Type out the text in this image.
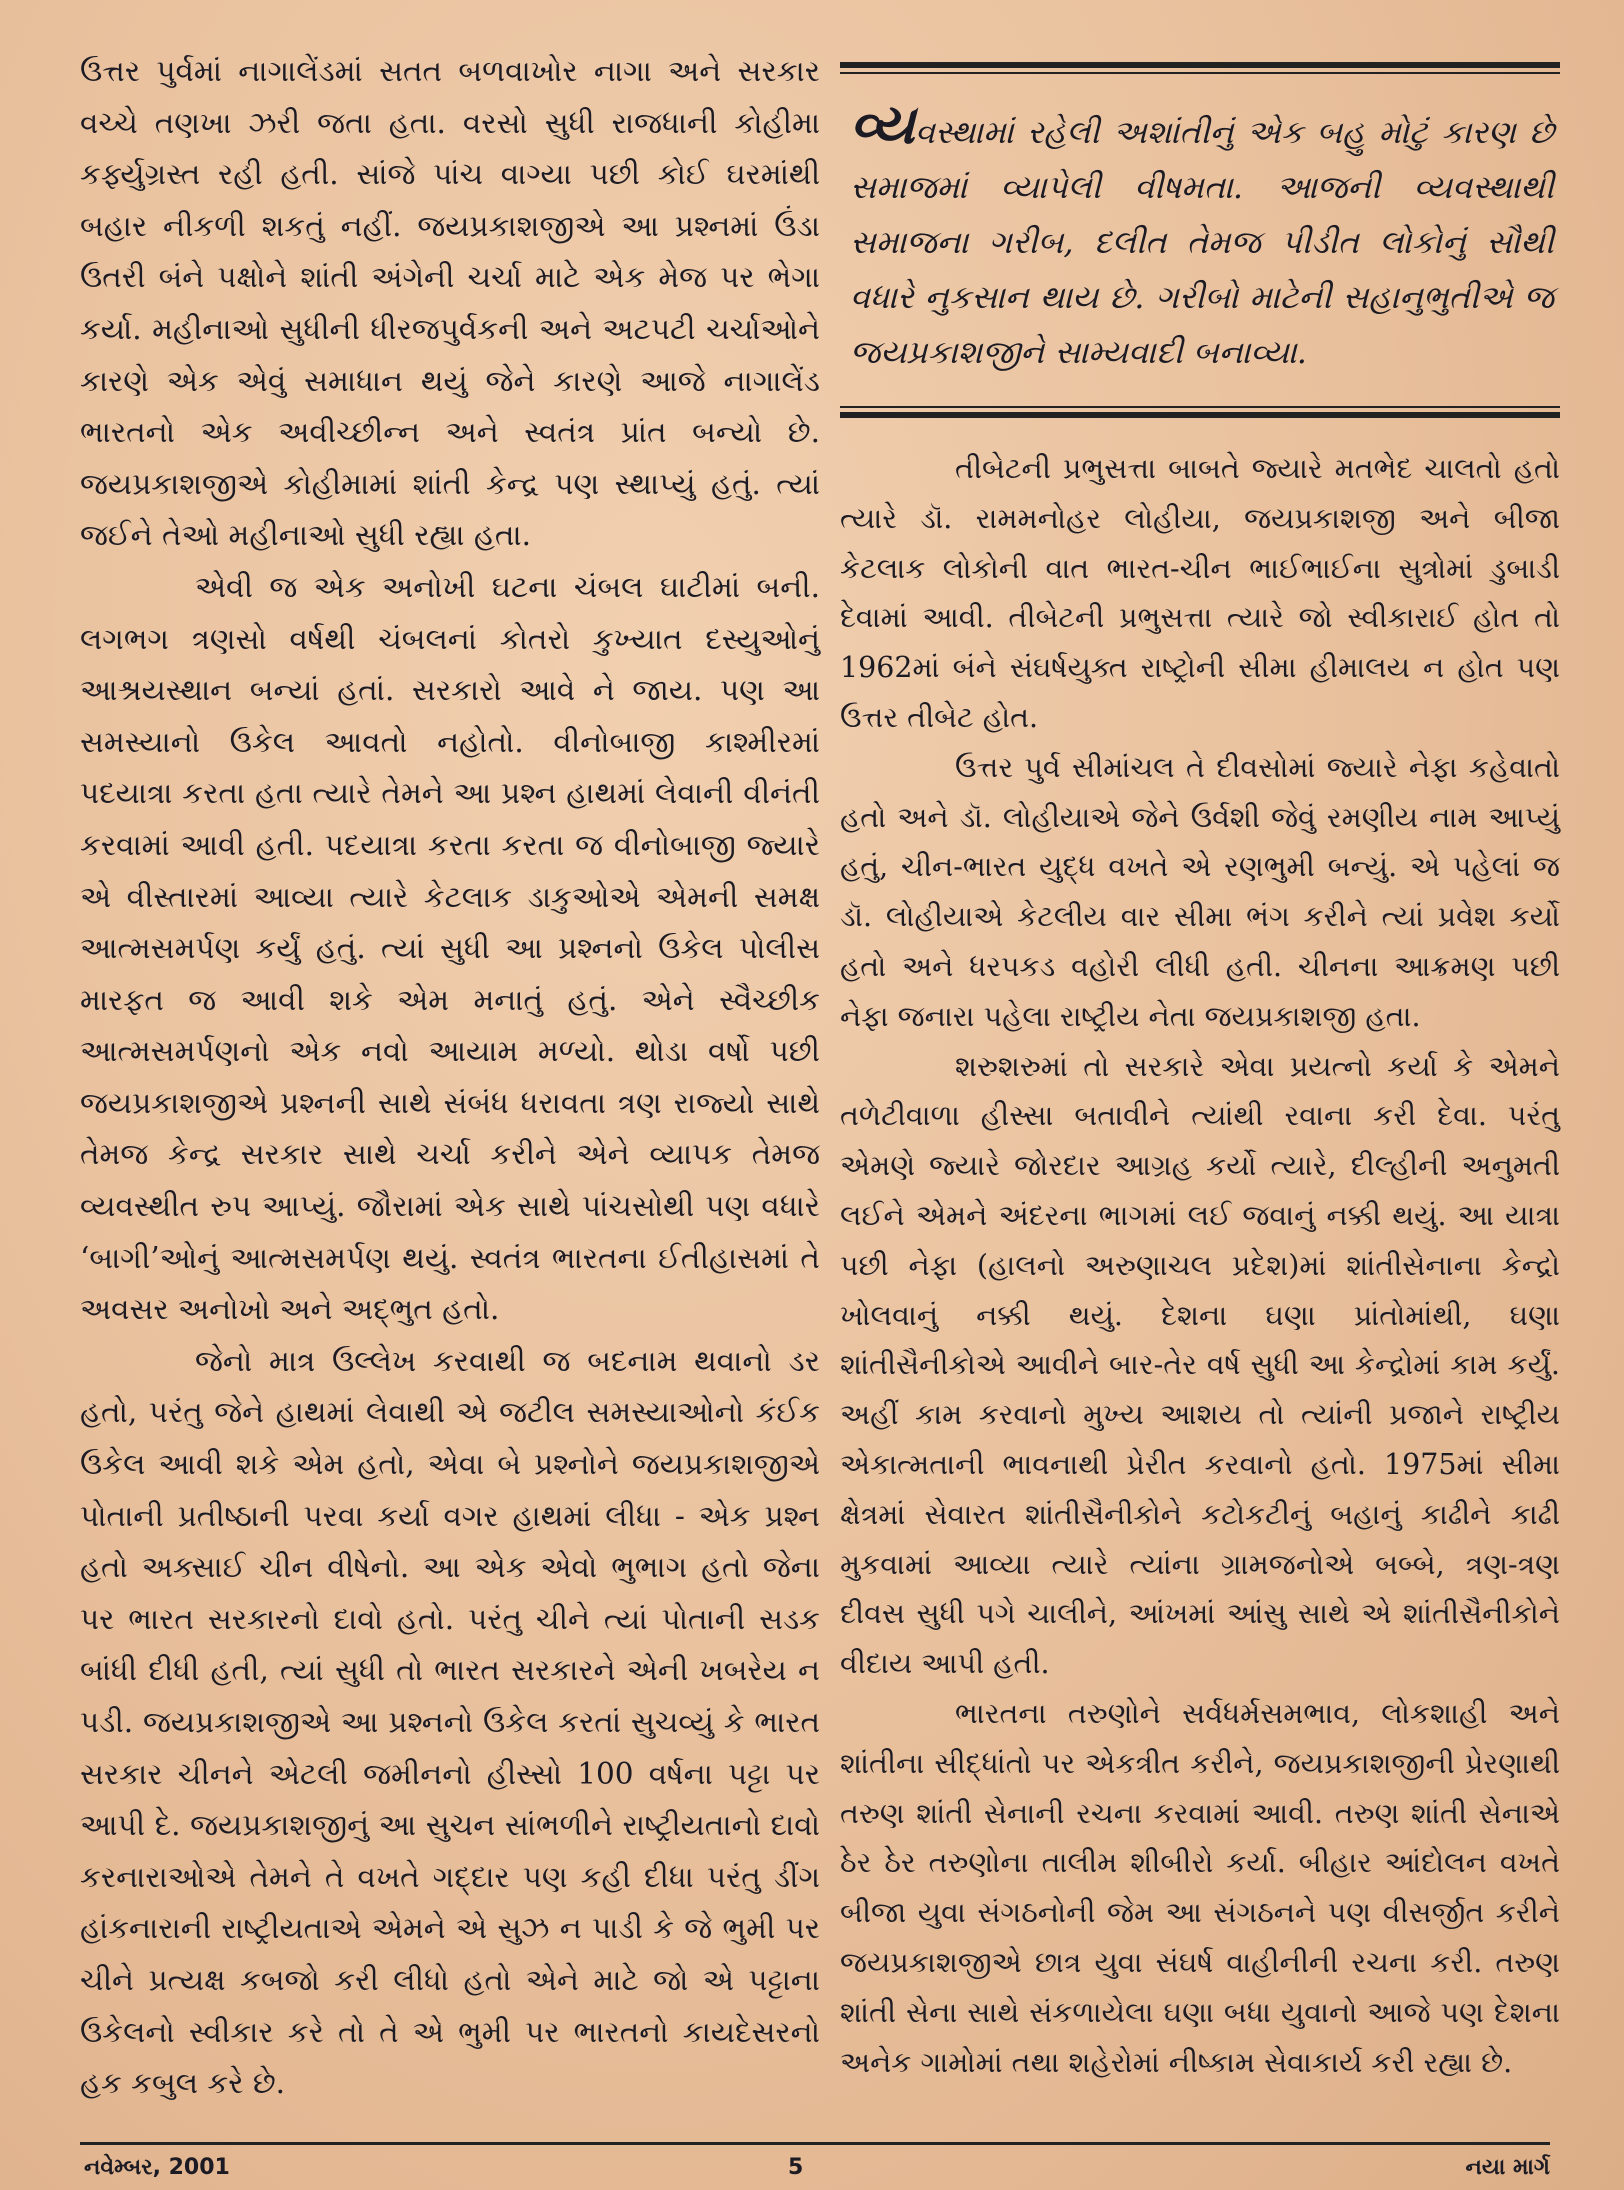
ઉત્તર પુર્વમાં નાગાલેંડમાં સતત બળવાખોર નાગા અને સરકાર વચ્ચે તણખા ઝરી જતા હતા. વરસો સુધી રાજધાની કોહીમા કર્ફ્યુગ્રસ્ત રહી હતી. સાંજે પાંચ વાગ્યા પછી કોઈ ઘરમાંથી બહાર નીકળી શકતું નહીં. જયપ્રકાશજીએ આ પ્રશ્નમાં ઉંડા ઉતરી બંને પક્ષોને શાંતી અંગેની ચર્ચા માટે એક મેજ પર ભેગા કર્યા. મહીનાઓ સુધીની ધીરજપુર્વકની અને અટપટી ચર્ચાઓને કારણે એક એવું સમાધાન થયું જેને કારણે આજે નાગાલેંડ ભારતનો એક અવીચ્છીન્ન અને સ્વતંત્ર પ્રાંત બન્યો છે. જયપ્રકાશજીએ કોહીમામાં શાંતી કેન્દ્ર પણ સ્થાપ્યું હતું. ત્યાં જઈને તેઓ મહીનાઓ સુધી રહ્યા હતા.

એવી જ એક અનોખી ઘટના ચંબલ ઘાટીમાં બની. લગભગ ત્રણસો વર્ષથી ચંબલનાં કોતરો કુખ્યાત દસ્યુઓનું આશ્રયસ્થાન બન્યાં હતાં. સરકારો આવે ને જાય. પણ આ સમસ્યાનો ઉકેલ આવતો નહોતો. વીનોબાજી કાશ્મીરમાં પદયાત્રા કરતા હતા ત્યારે તેમને આ પ્રશ્ન હાથમાં લેવાની વીનંતી કરવામાં આવી હતી. પદયાત્રા કરતા કરતા જ વીનોબાજી જ્યારે એ વીસ્તારમાં આવ્યા ત્યારે કેટલાક ડાકુઓએ એમની સમક્ષ આત્મસમર્પણ કર્યું હતું. ત્યાં સુધી આ પ્રશ્નનો ઉકેલ પોલીસ મારફત જ આવી શકે એમ મનાતું હતું. એને સ્વૈચ્છીક આત્મસમર્પણનો એક નવો આયામ મળ્યો. થોડા વર્ષો પછી જયપ્રકાશજીએ પ્રશ્નની સાથે સંબંધ ધરાવતા ત્રણ રાજ્યો સાથે તેમજ કેન્દ્ર સરકાર સાથે ચર્ચા કરીને એને વ્યાપક તેમજ વ્યવસ્થીત રુપ આપ્યું. જૌરામાં એક સાથે પાંચસોથી પણ વધારે ‘બાગી’ઓનું આત્મસમર્પણ થયું. સ્વતંત્ર ભારતના ઈતીહાસમાં તે અવસર અનોખો અને અદ્ભુત હતો.

જેનો માત્ર ઉલ્લેખ કરવાથી જ બદનામ થવાનો ડર હતો, પરંતુ જેને હાથમાં લેવાથી એ જટીલ સમસ્યાઓનો કંઈક ઉકેલ આવી શકે એમ હતો, એવા બે પ્રશ્નોને જયપ્રકાશજીએ પોતાની પ્રતીષ્ઠાની પરવા કર્યા વગર હાથમાં લીધા - એક પ્રશ્ન હતો અક્સાઈ ચીન વીષેનો. આ એક એવો ભુભાગ હતો જેના પર ભારત સરકારનો દાવો હતો. પરંતુ ચીને ત્યાં પોતાની સડક બાંધી દીધી હતી, ત્યાં સુધી તો ભારત સરકારને એની ખબરેય ન પડી. જયપ્રકાશજીએ આ પ્રશ્નનો ઉકેલ કરતાં સુચવ્યું કે ભારત સરકાર ચીનને એટલી જમીનનો હીસ્સો 100 વર્ષના પટ્ટા પર આપી દે. જયપ્રકાશજીનું આ સુચન સાંભળીને રાષ્ટ્રીયતાનો દાવો કરનારાઓએ તેમને તે વખતે ગદ્દાર પણ કહી દીધા પરંતુ ડીંગ હાંકનારાની રાષ્ટ્રીયતાએ એમને એ સુઝ ન પાડી કે જે ભુમી પર ચીને પ્રત્યક્ષ કબજો કરી લીધો હતો એને માટે જો એ પટ્ટાના ઉકેલનો સ્વીકાર કરે તો તે એ ભુમી પર ભારતનો કાયદેસરનો હક કબુલ કરે છે.

વ્યવસ્થામાં રહેલી અશાંતીનું એક બહુ મોટું કારણ છે સમાજમાં વ્યાપેલી વીષમતા. આજની વ્યવસ્થાથી સમાજના ગરીબ, દલીત તેમજ પીડીત લોકોનું સૌથી વધારે નુકસાન થાય છે. ગરીબો માટેની સહાનુભુતીએ જ જયપ્રકાશજીને સામ્યવાદી બનાવ્યા.

તીબેટની પ્રભુસત્તા બાબતે જ્યારે મતભેદ ચાલતો હતો ત્યારે ડૉ. રામમનોહર લોહીયા, જયપ્રકાશજી અને બીજા કેટલાક લોકોની વાત ભારત-ચીન ભાઈભાઈના સુત્રોમાં ડુબાડી દેવામાં આવી. તીબેટની પ્રભુસત્તા ત્યારે જો સ્વીકારાઈ હોત તો 1962માં બંને સંઘર્ષયુક્ત રાષ્ટ્રોની સીમા હીમાલય ન હોત પણ ઉત્તર તીબેટ હોત.

ઉત્તર પુર્વ સીમાંચલ તે દીવસોમાં જ્યારે નેફા કહેવાતો હતો અને ડૉ. લોહીયાએ જેને ઉર્વશી જેવું રમણીય નામ આપ્યું હતું, ચીન-ભારત યુદ્ધ વખતે એ રણભુમી બન્યું. એ પહેલાં જ ડૉ. લોહીયાએ કેટલીય વાર સીમા ભંગ કરીને ત્યાં પ્રવેશ કર્યો હતો અને ધરપકડ વહોરી લીધી હતી. ચીનના આક્રમણ પછી નેફા જનારા પહેલા રાષ્ટ્રીય નેતા જયપ્રકાશજી હતા.

શરુશરુમાં તો સરકારે એવા પ્રયત્નો કર્યા કે એમને તળેટીવાળા હીસ્સા બતાવીને ત્યાંથી રવાના કરી દેવા. પરંતુ એમણે જ્યારે જોરદાર આગ્રહ કર્યો ત્યારે, દીલ્હીની અનુમતી લઈને એમને અંદરના ભાગમાં લઈ જવાનું નક્કી થયું. આ યાત્રા પછી નેફા (હાલનો અરુણાચલ પ્રદેશ)માં શાંતીસેનાના કેન્દ્રો ખોલવાનું નક્કી થયું. દેશના ઘણા પ્રાંતોમાંથી, ઘણા શાંતીસૈનીકોએ આવીને બાર-તેર વર્ષ સુધી આ કેન્દ્રોમાં કામ કર્યું. અહીં કામ કરવાનો મુખ્ય આશય તો ત્યાંની પ્રજાને રાષ્ટ્રીય એકાત્મતાની ભાવનાથી પ્રેરીત કરવાનો હતો. 1975માં સીમા ક્ષેત્રમાં સેવારત શાંતીસૈનીકોને કટોકટીનું બહાનું કાઢીને કાઢી મુકવામાં આવ્યા ત્યારે ત્યાંના ગ્રામજનોએ બબ્બે, ત્રણ-ત્રણ દીવસ સુધી પગે ચાલીને, આંખમાં આંસુ સાથે એ શાંતીસૈનીકોને વીદાય આપી હતી.

ભારતના તરુણોને સર્વધર્મસમભાવ, લોકશાહી અને શાંતીના સીદ્ધાંતો પર એકત્રીત કરીને, જયપ્રકાશજીની પ્રેરણાથી તરુણ શાંતી સેનાની રચના કરવામાં આવી. તરુણ શાંતી સેનાએ ઠેર ઠેર તરુણોના તાલીમ શીબીરો કર્યા. બીહાર આંદોલન વખતે બીજા યુવા સંગઠનોની જેમ આ સંગઠનને પણ વીસર્જીત કરીને જયપ્રકાશજીએ છાત્ર યુવા સંઘર્ષ વાહીનીની રચના કરી. તરુણ શાંતી સેના સાથે સંકળાયેલા ઘણા બધા યુવાનો આજે પણ દેશના અનેક ગામોમાં તથા શહેરોમાં નીષ્કામ સેવાકાર્ય કરી રહ્યા છે.

નવેમ્બર, 2001	5	નયા માર્ગ
